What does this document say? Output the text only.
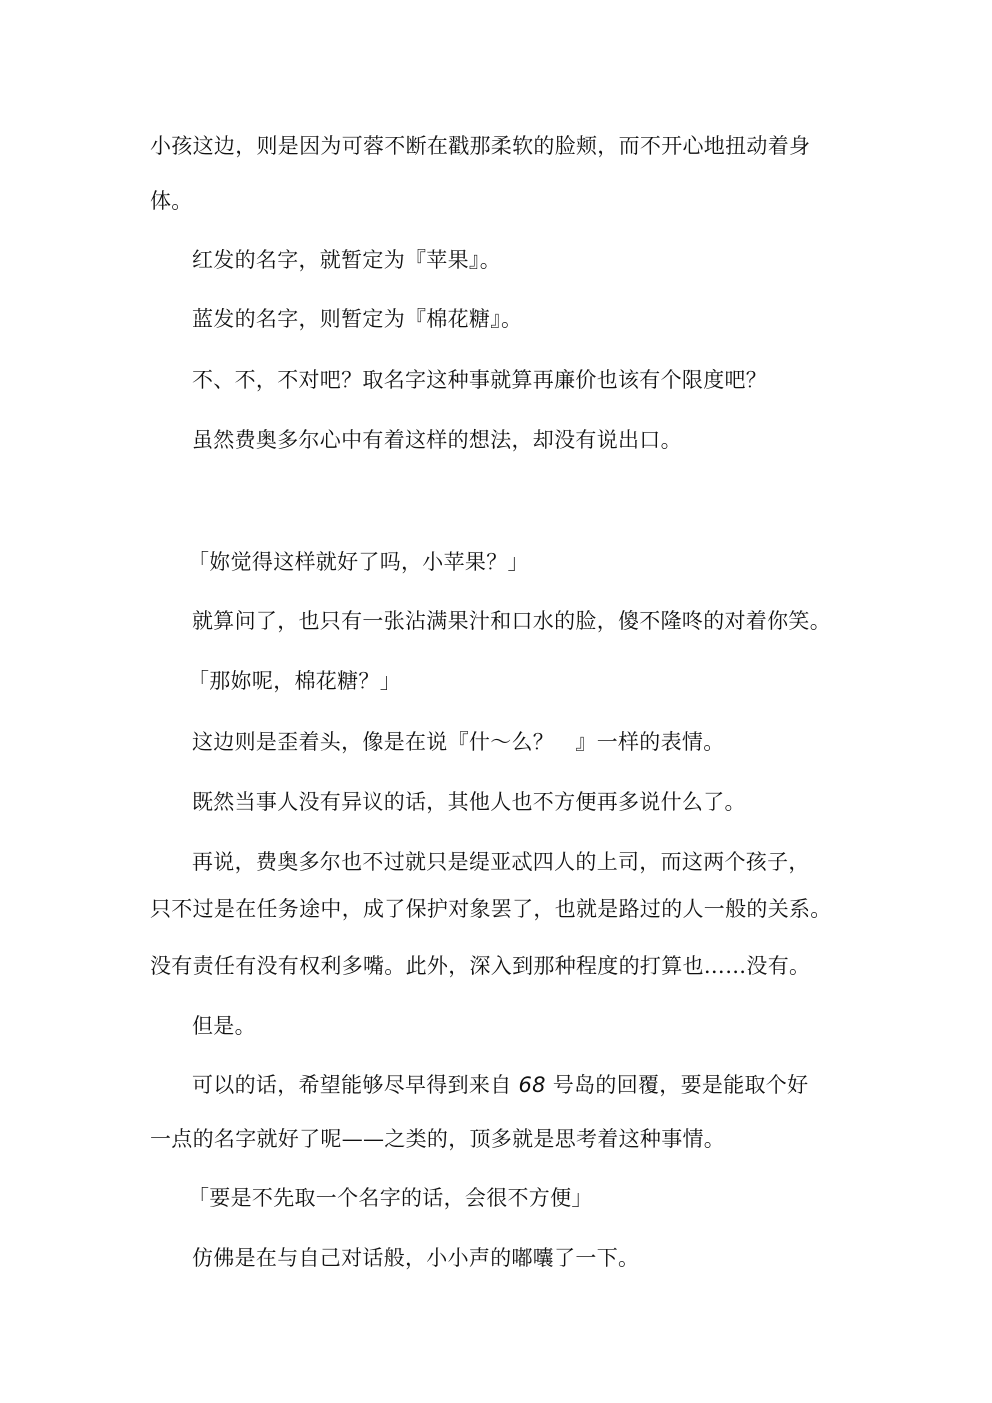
小孩这边，则是因为可蓉不断在戳那柔软的脸颊，而不开心地扭动着身
体。
红发的名字，就暂定为『苹果』。
蓝发的名字，则暂定为『棉花糖』。
不、不，不对吧？取名字这种事就算再廉价也该有个限度吧？
虽然费奥多尔心中有着这样的想法，却没有说出口。
「妳觉得这样就好了吗，小苹果？」
就算问了，也只有一张沾满果汁和口水的脸，傻不隆咚的对着你笑。
「那妳呢，棉花糖？」
这边则是歪着头，像是在说『什～么？　』一样的表情。
既然当事人没有异议的话，其他人也不方便再多说什么了。
再说，费奥多尔也不过就只是缇亚忒四人的上司，而这两个孩子，
只不过是在任务途中，成了保护对象罢了，也就是路过的人一般的关系。
没有责任有没有权利多嘴。此外，深入到那种程度的打算也……没有。
但是。
可以的话，希望能够尽早得到来自 68 号岛的回覆，要是能取个好
一点的名字就好了呢——之类的，顶多就是思考着这种事情。
「要是不先取一个名字的话，会很不方便」
仿佛是在与自己对话般，小小声的嘟囔了一下。
